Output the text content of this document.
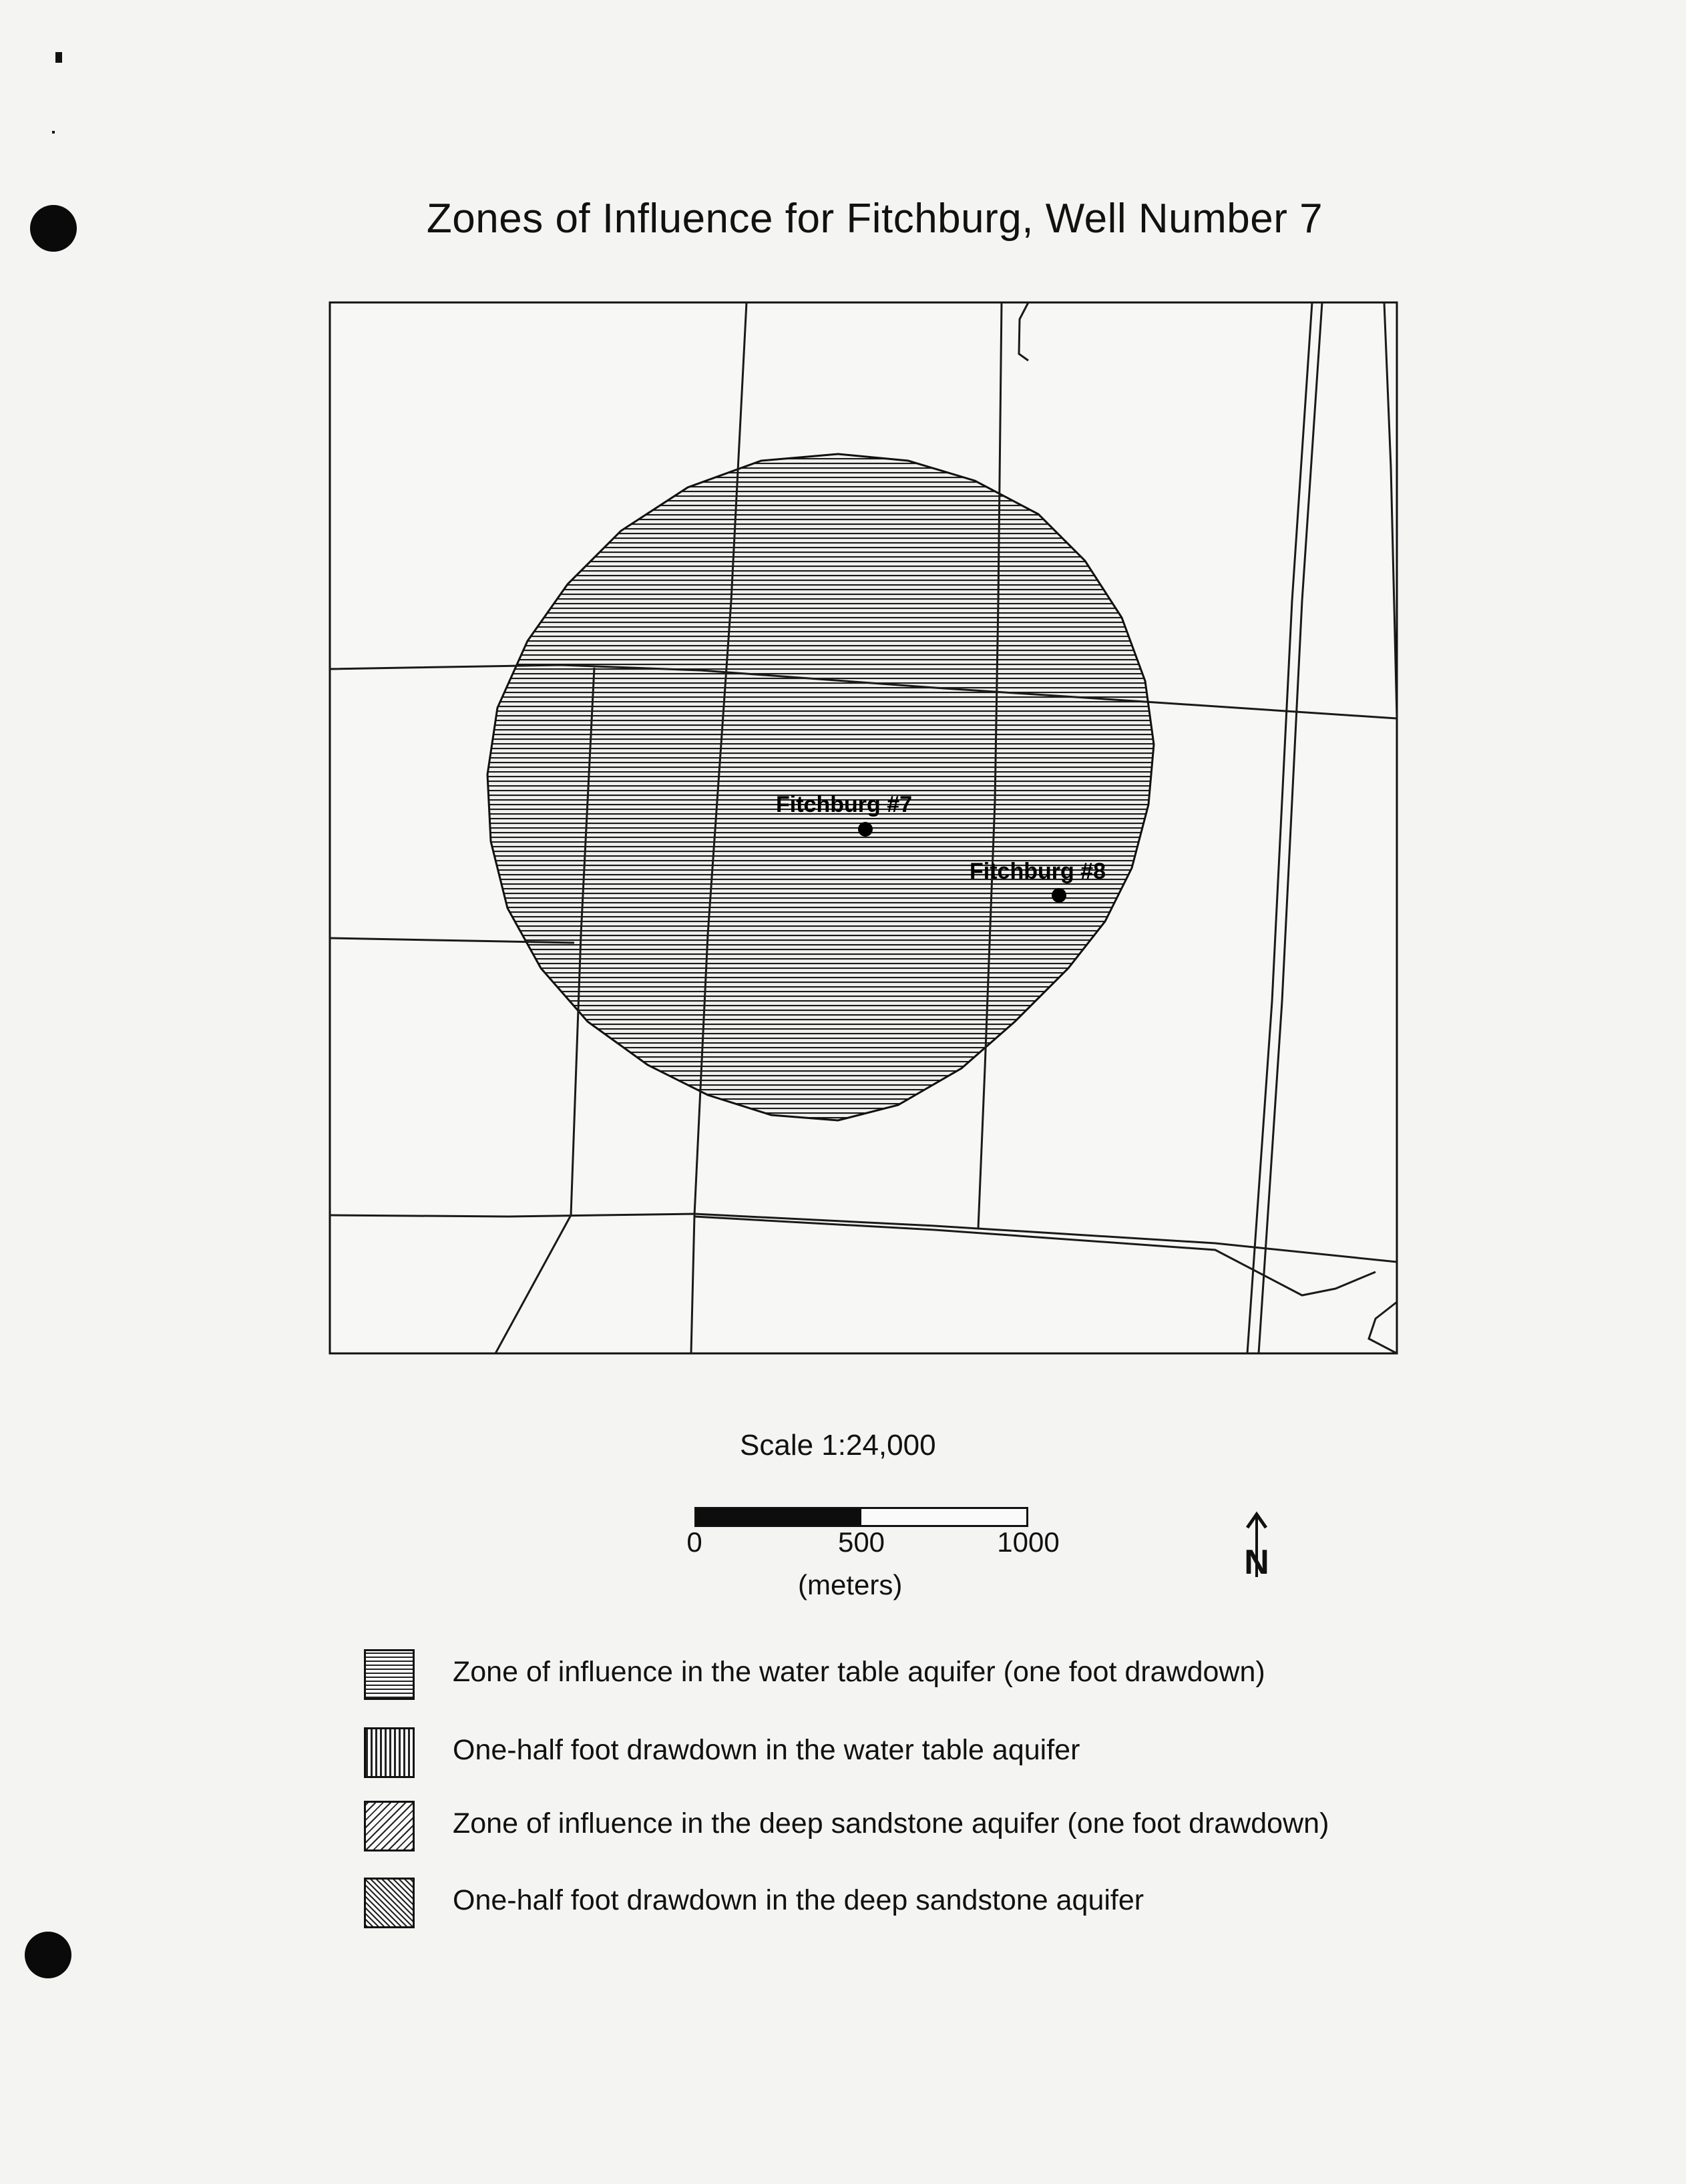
Zones of Influence for Fitchburg, Well Number 7
Fitchburg #7
Fitchburg #8
Scale 1:24,000
0	500	1000
(meters)
N
Zone of influence in the water table aquifer (one foot drawdown)
One-half foot drawdown in the water table aquifer
Zone of influence in the deep sandstone aquifer (one foot drawdown)
One-half foot drawdown in the deep sandstone aquifer
